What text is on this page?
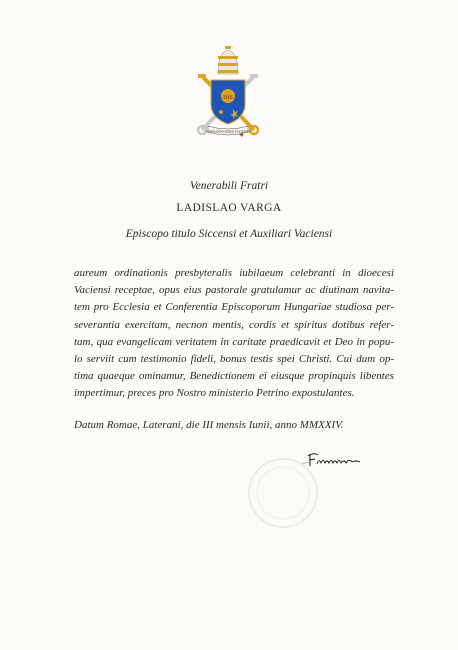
IHS
MISERANDO ATQUE ELIGENDO
Venerabili Fratri
LADISLAO VARGA
Episcopo titulo Siccensi et Auxiliari Vaciensi
aureum ordinationis presbyteralis iubilaeum celebranti in dioecesi
Vaciensi receptae, opus eius pastorale gratulamur ac diutinam navita-
tem pro Ecclesia et Conferentia Episcoporum Hungariae studiosa per-
severantia exercitam, necnon mentis, cordis et spiritus dotibus refer-
tam, qua evangelicam veritatem in caritate praedicavit et Deo in popu-
lo serviit cum testimonio fideli, bonus testis spei Christi. Cui dum op-
tima quaeque ominamur, Benedictionem ei eiusque propinquis libentes
impertimur, preces pro Nostro ministerio Petrino expostulantes.
Datum Romae, Laterani, die III mensis Iunii, anno MMXXIV.
